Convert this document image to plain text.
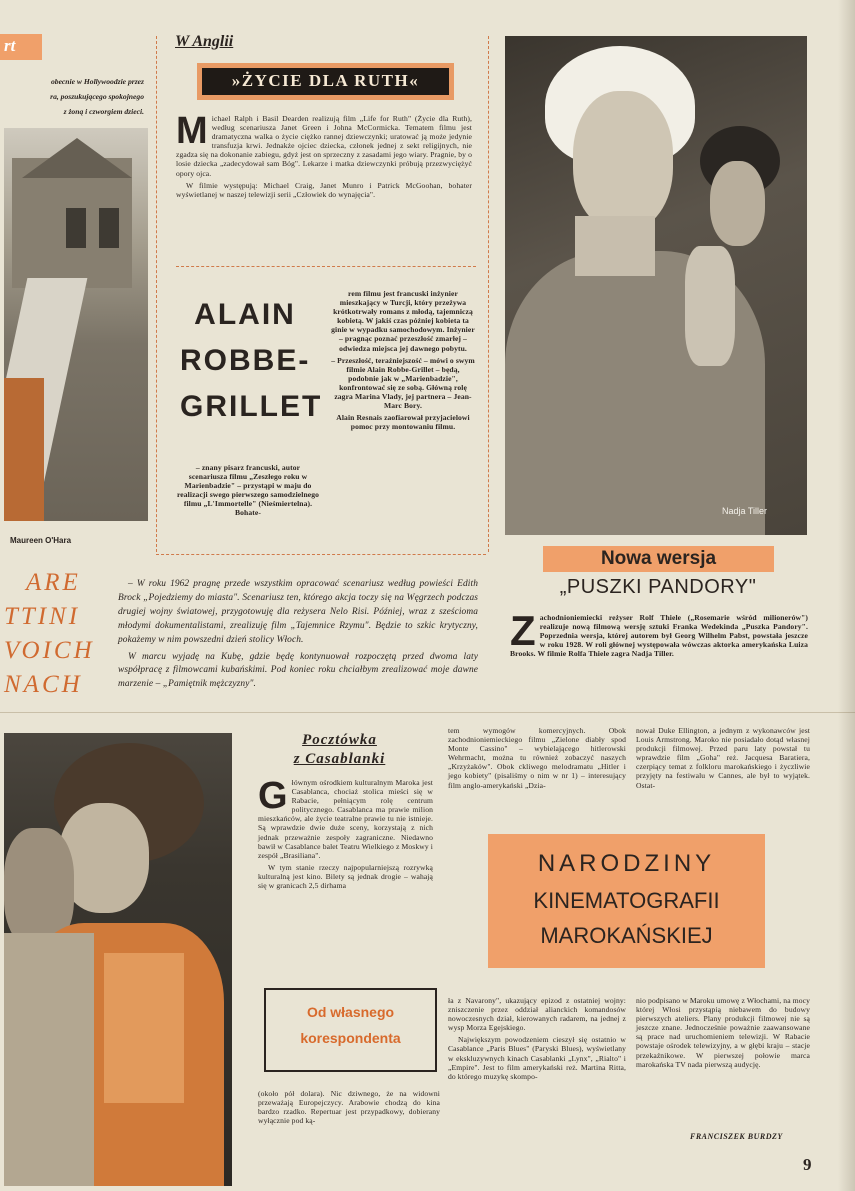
rt
obecnie w Hollywoodzie przez
ra, poszukującego spokojnego
z żoną i czworgiem dzieci.
Maureen O'Hara
W Anglii
»ŻYCIE DLA RUTH«

Michael Ralph i Basil Dearden realizują film „Life for Ruth" (Życie dla Ruth), według scenariusza Janet Green i Johna McCormicka. Tematem filmu jest dramatyczna walka o życie ciężko rannej dziewczynki; uratować ją może jedynie transfuzja krwi. Jednakże ojciec dziecka, członek jednej z sekt religijnych, nie zgadza się na dokonanie zabiegu, gdyż jest on sprzeczny z zasadami jego wiary. Pragnie, by o losie dziecka „zadecydował sam Bóg". Lekarze i matka dziewczynki próbują przezwyciężyć opory ojca.

W filmie występują: Michael Craig, Janet Munro i Patrick McGoohan, bohater wyświetlanej w naszej telewizji serii „Człowiek do wynajęcia".

ALAIN
ROBBE-
GRILLET
– znany pisarz francuski, autor scenariusza filmu „Zeszłego roku w Marienbadzie" – przystąpi w maju do realizacji swego pierwszego samodzielnego filmu „L'Immortelle" (Nieśmiertelna). Bohate-

rem filmu jest francuski inżynier mieszkający w Turcji, który przeżywa krótkotrwały romans z młodą, tajemniczą kobietą. W jakiś czas później kobieta ta ginie w wypadku samochodowym. Inżynier – pragnąc poznać przeszłość zmarłej – odwiedza miejsca jej dawnego pobytu.

– Przeszłość, teraźniejszość – mówi o swym filmie Alain Robbe-Grillet – będą, podobnie jak w „Marienbadzie", konfrontować się ze sobą. Główną rolę zagra Marina Vlady, jej partnera – Jean-Marc Bory.

Alain Resnais zaofiarował przyjacielowi pomoc przy montowaniu filmu.

Nadja Tiller
Nowa wersja
„PUSZKI PANDORY"

Zachodnioniemiecki reżyser Rolf Thiele („Rosemarie wśród milionerów") realizuje nową filmową wersję sztuki Franka Wedekinda „Puszka Pandory". Poprzednia wersja, której autorem był Georg Wilhelm Pabst, powstała jeszcze w roku 1928. W roli głównej występowała wówczas aktorka amerykańska Luiza Brooks. W filmie Rolfa Thiele zagra Nadja Tiller.

ARE
TTINI
VOICH
NACH

– W roku 1962 pragnę przede wszystkim opracować scenariusz według powieści Edith Brock „Pojedziemy do miasta". Scenariusz ten, którego akcja toczy się na Węgrzech podczas drugiej wojny światowej, przygotowuję dla reżysera Nelo Risi. Później, wraz z sześcioma młodymi dokumentalistami, zrealizuję film „Tajemnice Rzymu". Będzie to szkic krytyczny, pokażemy w nim powszedni dzień stolicy Włoch.

W marcu wyjadę na Kubę, gdzie będę kontynuował rozpoczętą przed dwoma laty współpracę z filmowcami kubańskimi. Pod koniec roku chciałbym zrealizować moje dawne marzenie – „Pamiętnik mężczyzny".

Pocztówka
z Casablanki

Głównym ośrodkiem kulturalnym Maroka jest Casablanca, chociaż stolica mieści się w Rabacie, pełniącym rolę centrum politycznego. Casablanca ma prawie milion mieszkańców, ale życie teatralne prawie tu nie istnieje. Są wprawdzie dwie duże sceny, korzystają z nich jednak przeważnie zespoły zagraniczne. Niedawno bawił w Casablance balet Teatru Wielkiego z Moskwy i zespół „Brasiliana".

W tym stanie rzeczy najpopularniejszą rozrywką kulturalną jest kino. Bilety są jednak drogie – wahają się w granicach 2,5 dirhama

Od własnego
korespondenta
(około pół dolara). Nic dziwnego, że na widowni przeważają Europejczycy. Arabowie chodzą do kina bardzo rzadko. Repertuar jest przypadkowy, dobierany wyłącznie pod ką-
tem wymogów komercyjnych. Obok zachodnioniemieckiego filmu „Zielone diabły spod Monte Cassino" – wybielającego hitlerowski Wehrmacht, można tu również zobaczyć naszych „Krzyżaków". Obok ckliwego melodramatu „Hitler i jego kobiety" (pisaliśmy o nim w nr 1) – interesujący film anglo-amerykański „Dzia-
nował Duke Ellington, a jednym z wykonawców jest Louis Armstrong. Maroko nie posiadało dotąd własnej produkcji filmowej. Przed paru laty powstał tu wprawdzie film „Goha" reż. Jacquesa Baratiera, czerpiący temat z folkloru marokańskiego i życzliwie przyjęty na festiwalu w Cannes, ale był to wyjątek. Ostat-
NARODZINY
KINEMATOGRAFII
MAROKAŃSKIEJ

ła z Navarony", ukazujący epizod z ostatniej wojny: zniszczenie przez oddział alianckich komandosów nowoczesnych dział, kierowanych radarem, na jednej z wysp Morza Egejskiego.

Największym powodzeniem cieszył się ostatnio w Casablance „Paris Blues" (Paryski Blues), wyświetlany w ekskluzywnych kinach Casablanki „Lynx", „Rialto" i „Empire". Jest to film amerykański reż. Martina Ritta, do którego muzykę skompo-

nio podpisano w Maroku umowę z Włochami, na mocy której Włosi przystąpią niebawem do budowy pierwszych ateliers. Plany produkcji filmowej nie są jeszcze znane. Jednocześnie poważnie zaawansowane są prace nad uruchomieniem telewizji. W Rabacie powstaje ośrodek telewizyjny, a w głębi kraju – stacje przekaźnikowe. W pierwszej połowie marca marokańska TV nada pierwszą audycję.
FRANCISZEK BURDZY
9
